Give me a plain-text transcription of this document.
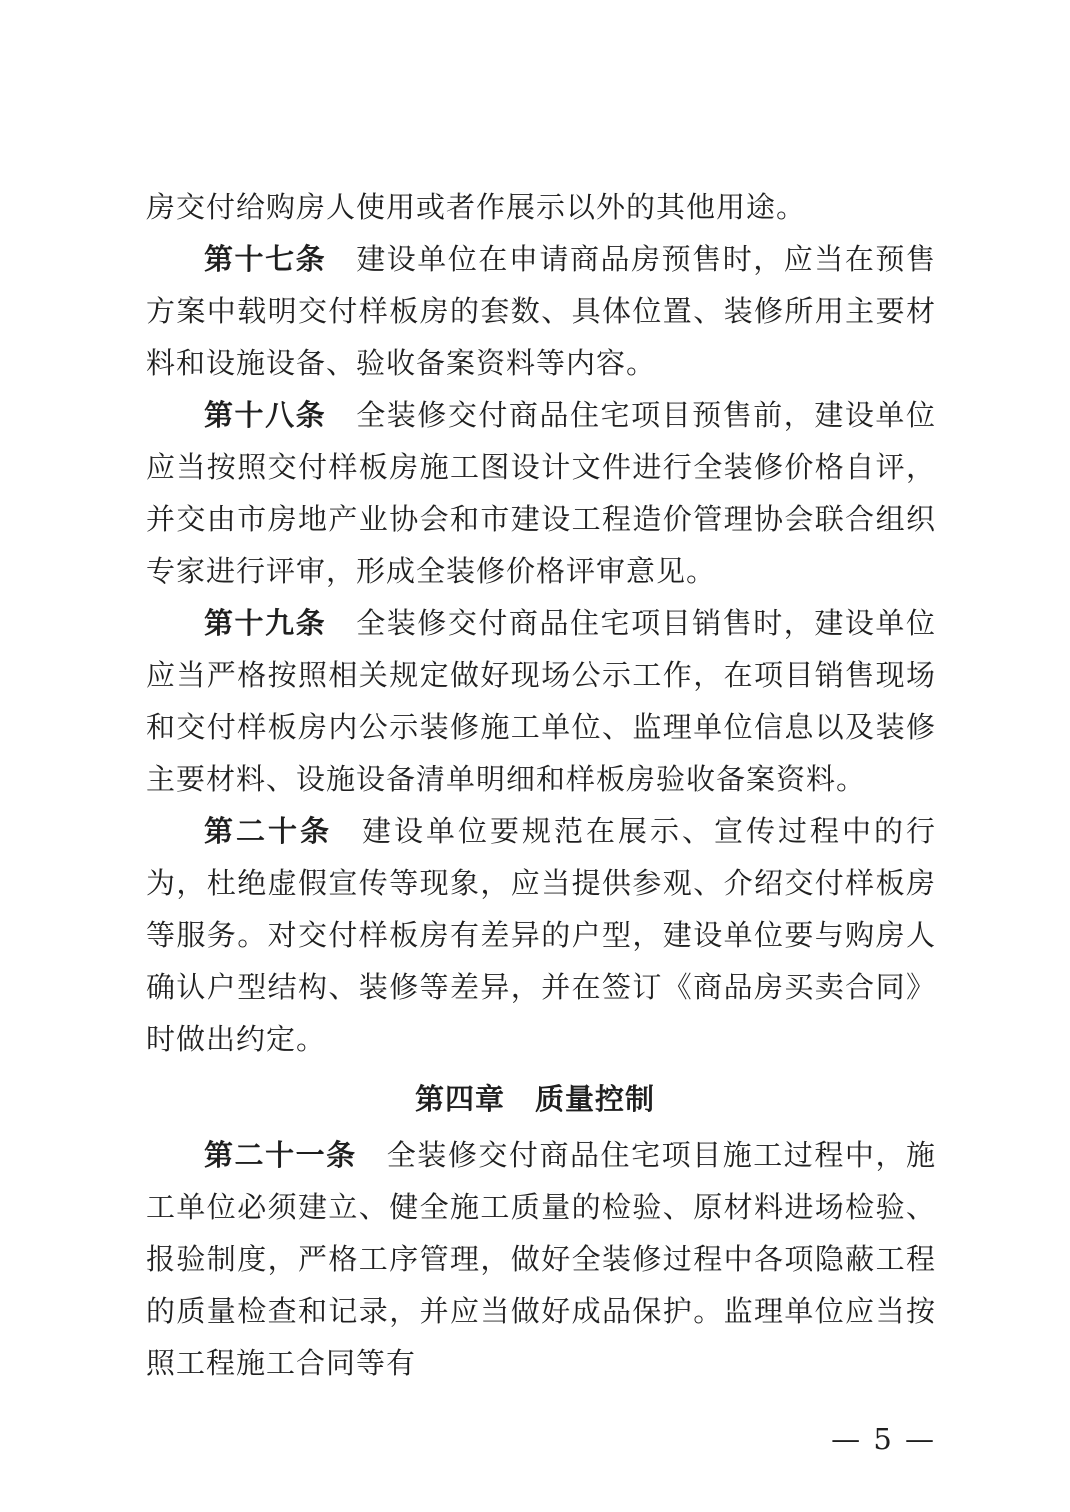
房交付给购房人使用或者作展示以外的其他用途。

第十七条 建设单位在申请商品房预售时，应当在预售方案中载明交付样板房的套数、具体位置、装修所用主要材料和设施设备、验收备案资料等内容。

第十八条 全装修交付商品住宅项目预售前，建设单位应当按照交付样板房施工图设计文件进行全装修价格自评，并交由市房地产业协会和市建设工程造价管理协会联合组织专家进行评审，形成全装修价格评审意见。

第十九条 全装修交付商品住宅项目销售时，建设单位应当严格按照相关规定做好现场公示工作，在项目销售现场和交付样板房内公示装修施工单位、监理单位信息以及装修主要材料、设施设备清单明细和样板房验收备案资料。

第二十条 建设单位要规范在展示、宣传过程中的行为，杜绝虚假宣传等现象，应当提供参观、介绍交付样板房等服务。对交付样板房有差异的户型，建设单位要与购房人确认户型结构、装修等差异，并在签订《商品房买卖合同》时做出约定。

第四章 质量控制

第二十一条 全装修交付商品住宅项目施工过程中，施工单位必须建立、健全施工质量的检验、原材料进场检验、报验制度，严格工序管理，做好全装修过程中各项隐蔽工程的质量检查和记录，并应当做好成品保护。监理单位应当按照工程施工合同等有

— 5 —
